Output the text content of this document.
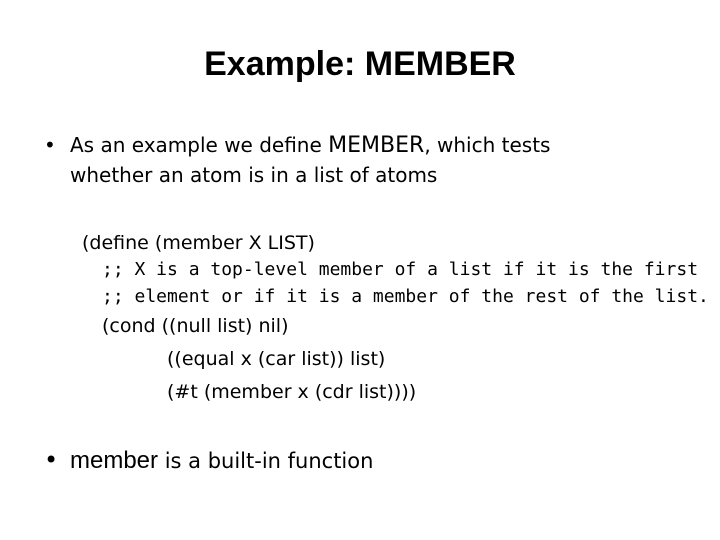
Example: MEMBER
• As an example we define MEMBER, which tests
whether an atom is in a list of atoms
(define (member X LIST)
;; X is a top-level member of a list if it is the first
;; element or if it is a member of the rest of the list.
(cond ((null list) nil)
((equal x (car list)) list)
(#t (member x (cdr list))))
• member is a built-in function
